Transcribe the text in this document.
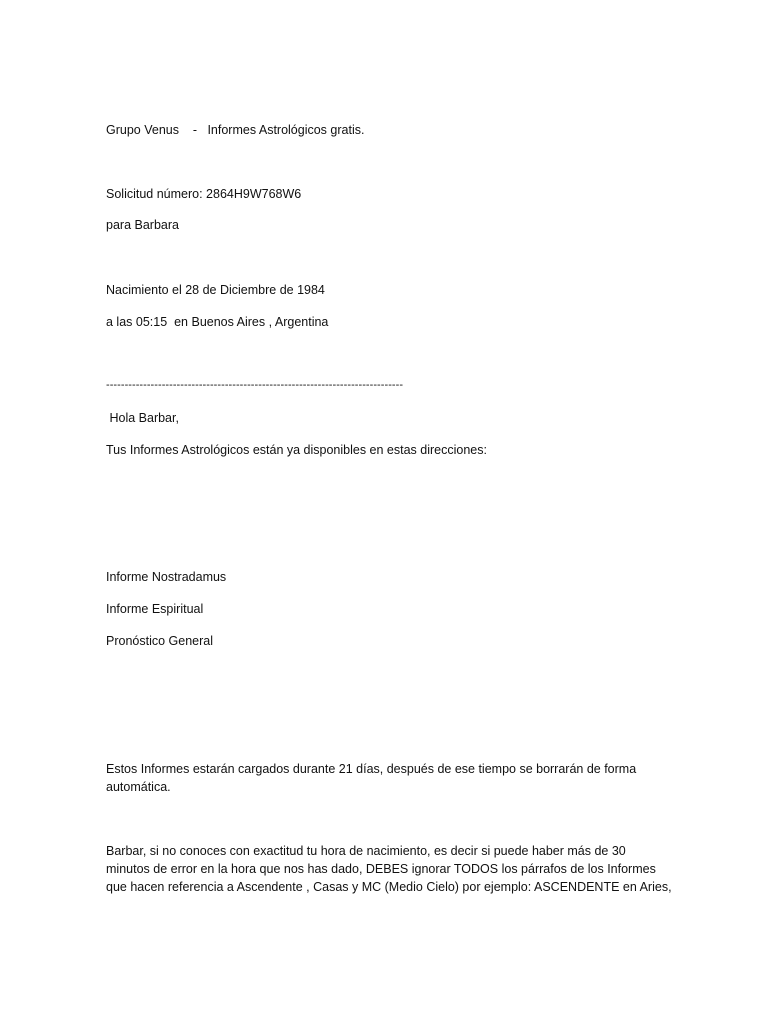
Grupo Venus    -   Informes Astrológicos gratis.
Solicitud número: 2864H9W768W6
para Barbara
Nacimiento el 28 de Diciembre de 1984
a las 05:15  en Buenos Aires , Argentina
--------------------------------------------------------------------------------
Hola Barbar,
Tus Informes Astrológicos están ya disponibles en estas direcciones:
Informe Nostradamus
Informe Espiritual
Pronóstico General
Estos Informes estarán cargados durante 21 días, después de ese tiempo se borrarán de forma
automática.
Barbar, si no conoces con exactitud tu hora de nacimiento, es decir si puede haber más de 30
minutos de error en la hora que nos has dado, DEBES ignorar TODOS los párrafos de los Informes
que hacen referencia a Ascendente , Casas y MC (Medio Cielo) por ejemplo: ASCENDENTE en Aries,
